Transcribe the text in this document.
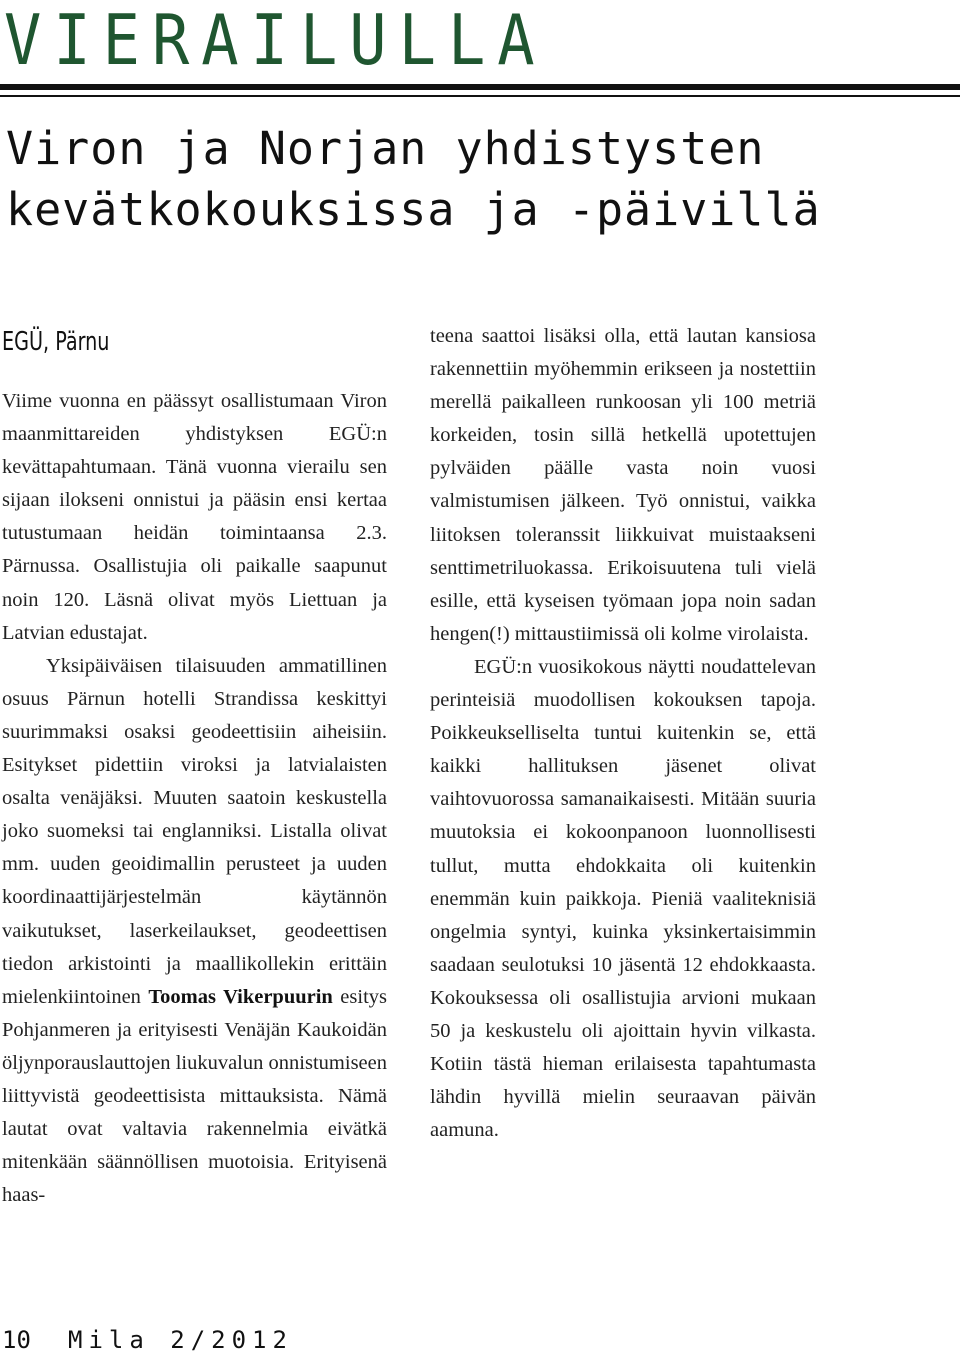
VIERAILULLA
Viron ja Norjan yhdistysten
kevätkokouksissa ja -päivillä
EGÜ, Pärnu

Viime vuonna en päässyt osallistumaan Viron maanmittareiden yhdistyksen EGÜ:n kevättapahtumaan. Tänä vuonna vierailu sen sijaan ilokseni onnistui ja pääsin ensi kertaa tutustumaan heidän toimintaansa 2.3. Pärnussa. Osallistujia oli paikalle saapunut noin 120. Läsnä olivat myös Liettuan ja Latvian edustajat.

Yksipäiväisen tilaisuuden ammatillinen osuus Pärnun hotelli Strandissa keskittyi suurimmaksi osaksi geodeettisiin aiheisiin. Esitykset pidettiin viroksi ja latvialaisten osalta venäjäksi. Muuten saatoin keskustella joko suomeksi tai englanniksi. Listalla olivat mm. uuden geoidimallin perusteet ja uuden koordinaattijärjestelmän käytännön vaikutukset, laserkeilaukset, geodeettisen tiedon arkistointi ja maallikollekin erittäin mielenkiintoinen Toomas Vikerpuurin esitys Pohjanmeren ja erityisesti Venäjän Kaukoidän öljynporauslauttojen liukuvalun onnistumiseen liittyvistä geodeettisista mittauksista. Nämä lautat ovat valtavia rakennelmia eivätkä mitenkään säännöllisen muotoisia. Erityisenä haas-

teena saattoi lisäksi olla, että lautan kansiosa rakennettiin myöhemmin erikseen ja nostettiin merellä paikalleen runkoosan yli 100 metriä korkeiden, tosin sillä hetkellä upotettujen pylväiden päälle vasta noin vuosi valmistumisen jälkeen. Työ onnistui, vaikka liitoksen toleranssit liikkuivat muistaakseni senttimetriluokassa. Erikoisuutena tuli vielä esille, että kyseisen työmaan jopa noin sadan hengen(!) mittaustiimissä oli kolme virolaista.

EGÜ:n vuosikokous näytti noudattelevan perinteisiä muodollisen kokouksen tapoja. Poikkeukselliselta tuntui kuitenkin se, että kaikki hallituksen jäsenet olivat vaihtovuorossa samanaikaisesti. Mitään suuria muutoksia ei kokoonpanoon luonnollisesti tullut, mutta ehdokkaita oli kuitenkin enemmän kuin paikkoja. Pieniä vaaliteknisiä ongelmia syntyi, kuinka yksinkertaisimmin saadaan seulotuksi 10 jäsentä 12 ehdokkaasta. Kokouksessa oli osallistujia arvioni mukaan 50 ja keskustelu oli ajoittain hyvin vilkasta. Kotiin tästä hieman erilaisesta tapahtumasta lähdin hyvillä mielin seuraavan päivän aamuna.

10 Mila 2/2012
